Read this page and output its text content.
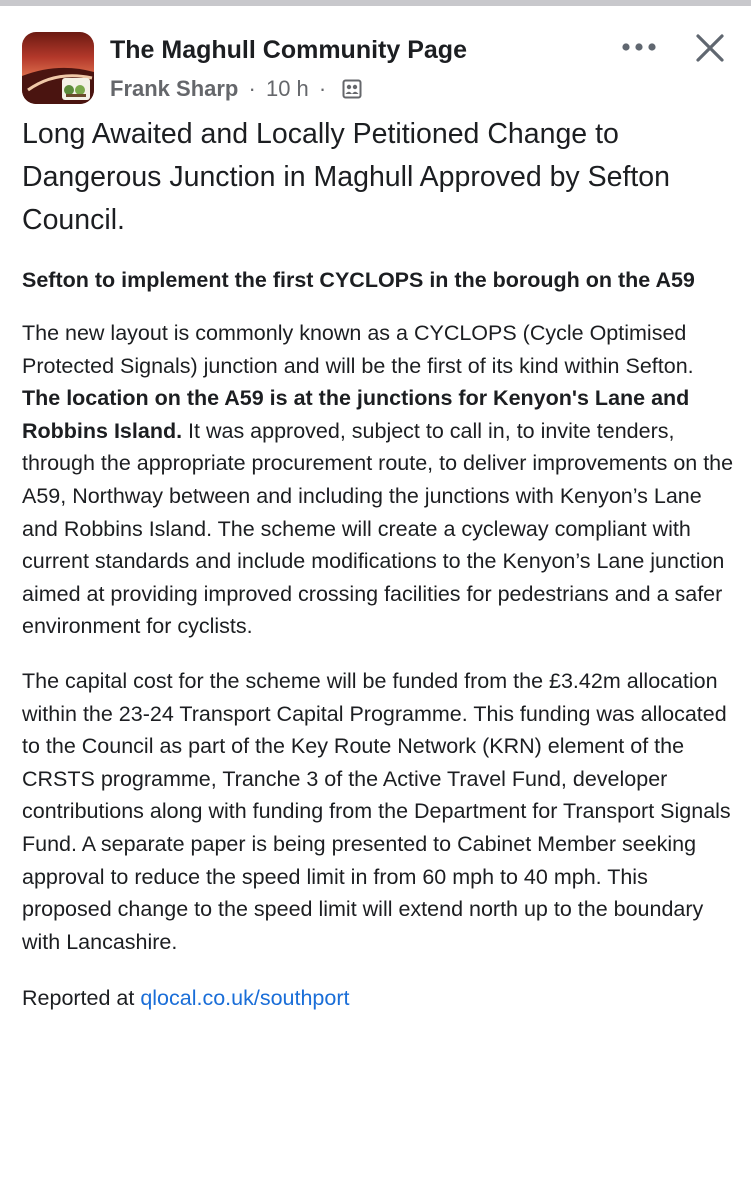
The Maghull Community Page
Frank Sharp · 10 h ·

Long Awaited and Locally Petitioned Change to Dangerous Junction in Maghull Approved by Sefton Council.

Sefton to implement the first CYCLOPS in the borough on the A59

The new layout is commonly known as a CYCLOPS (Cycle Optimised Protected Signals) junction and will be the first of its kind within Sefton. The location on the A59 is at the junctions for Kenyon's Lane and Robbins Island. It was approved, subject to call in, to invite tenders, through the appropriate procurement route, to deliver improvements on the A59, Northway between and including the junctions with Kenyon’s Lane and Robbins Island. The scheme will create a cycleway compliant with current standards and include modifications to the Kenyon’s Lane junction aimed at providing improved crossing facilities for pedestrians and a safer environment for cyclists.

The capital cost for the scheme will be funded from the £3.42m allocation within the 23-24 Transport Capital Programme. This funding was allocated to the Council as part of the Key Route Network (KRN) element of the CRSTS programme, Tranche 3 of the Active Travel Fund, developer contributions along with funding from the Department for Transport Signals Fund. A separate paper is being presented to Cabinet Member seeking approval to reduce the speed limit in from 60 mph to 40 mph. This proposed change to the speed limit will extend north up to the boundary with Lancashire.

Reported at qlocal.co.uk/southport
